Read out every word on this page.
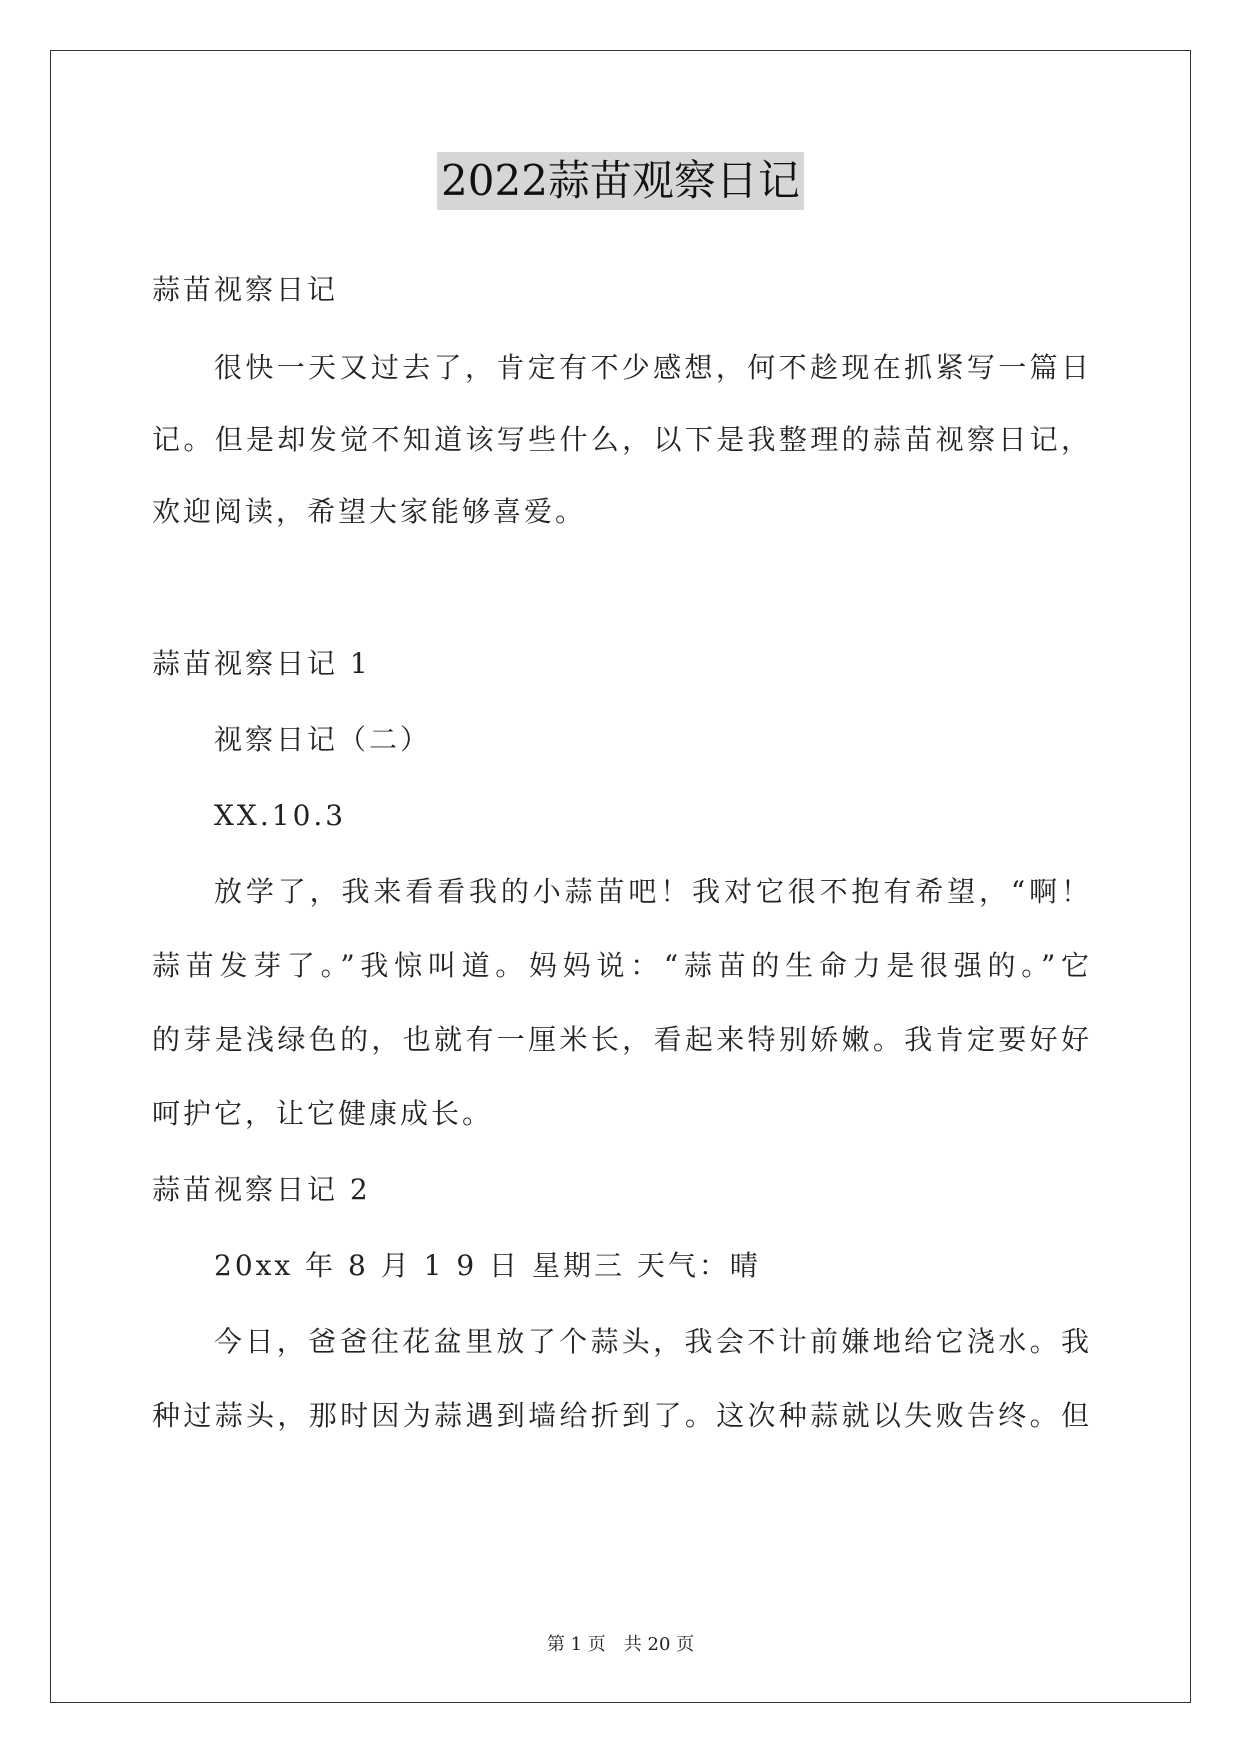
2022蒜苗观察日记
蒜苗视察日记
很快一天又过去了，肯定有不少感想，何不趁现在抓紧写一篇日
记。但是却发觉不知道该写些什么，以下是我整理的蒜苗视察日记，
欢迎阅读，希望大家能够喜爱。
蒜苗视察日记 1
视察日记（二）
XX.10.3
放学了，我来看看我的小蒜苗吧！我对它很不抱有希望，“啊！
蒜苗发芽了。”我惊叫道。妈妈说：“蒜苗的生命力是很强的。”它
的芽是浅绿色的，也就有一厘米长，看起来特别娇嫩。我肯定要好好
呵护它，让它健康成长。
蒜苗视察日记 2
20xx 年 8 月 1 9 日 星期三 天气：晴
今日，爸爸往花盆里放了个蒜头，我会不计前嫌地给它浇水。我
种过蒜头，那时因为蒜遇到墙给折到了。这次种蒜就以失败告终。但
第 1 页　共 20 页
